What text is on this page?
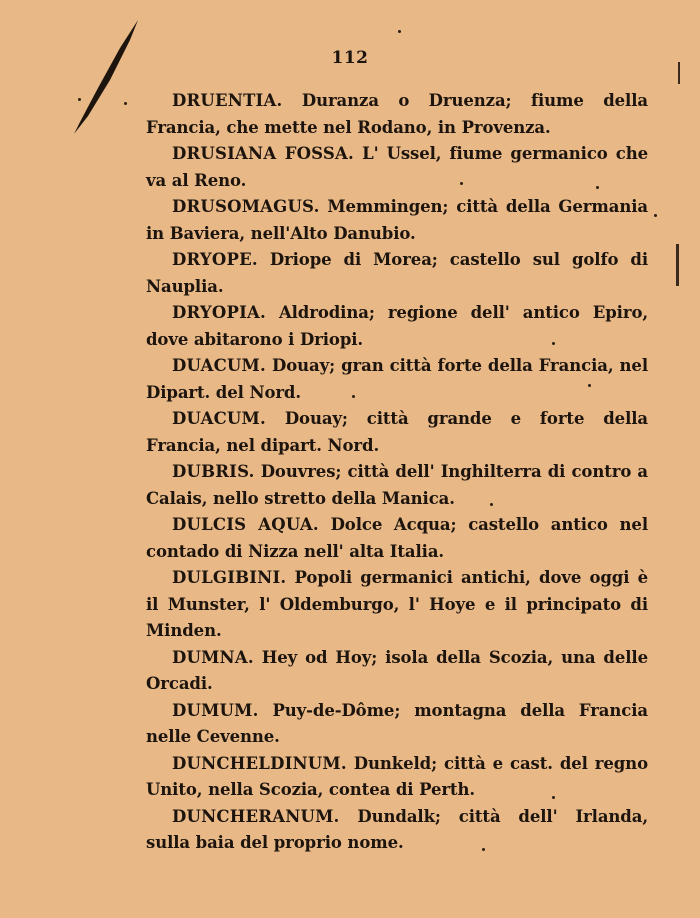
112

DRUENTIA. Duranza o Druenza; fiume della Francia, che mette nel Rodano, in Provenza.

DRUSIANA FOSSA. L' Ussel, fiume germanico che va al Reno.

DRUSOMAGUS. Memmingen; città della Germania in Baviera, nell'Alto Danubio.

DRYOPE. Driope di Morea; castello sul golfo di Nauplia.

DRYOPIA. Aldrodina; regione dell' antico Epiro, dove abitarono i Driopi.

DUACUM. Douay; gran città forte della Francia, nel Dipart. del Nord.

DUACUM. Douay; città grande e forte della Francia, nel dipart. Nord.

DUBRIS. Douvres; città dell' Inghilterra di contro a Calais, nello stretto della Manica.

DULCIS AQUA. Dolce Acqua; castello antico nel contado di Nizza nell' alta Italia.

DULGIBINI. Popoli germanici antichi, dove oggi è il Munster, l' Oldemburgo, l' Hoye e il principato di Minden.

DUMNA. Hey od Hoy; isola della Scozia, una delle Orcadi.

DUMUM. Puy-de-Dôme; montagna della Francia nelle Cevenne.

DUNCHELDINUM. Dunkeld; città e cast. del regno Unito, nella Scozia, contea di Perth.

DUNCHERANUM. Dundalk; città dell' Irlanda, sulla baia del proprio nome.
